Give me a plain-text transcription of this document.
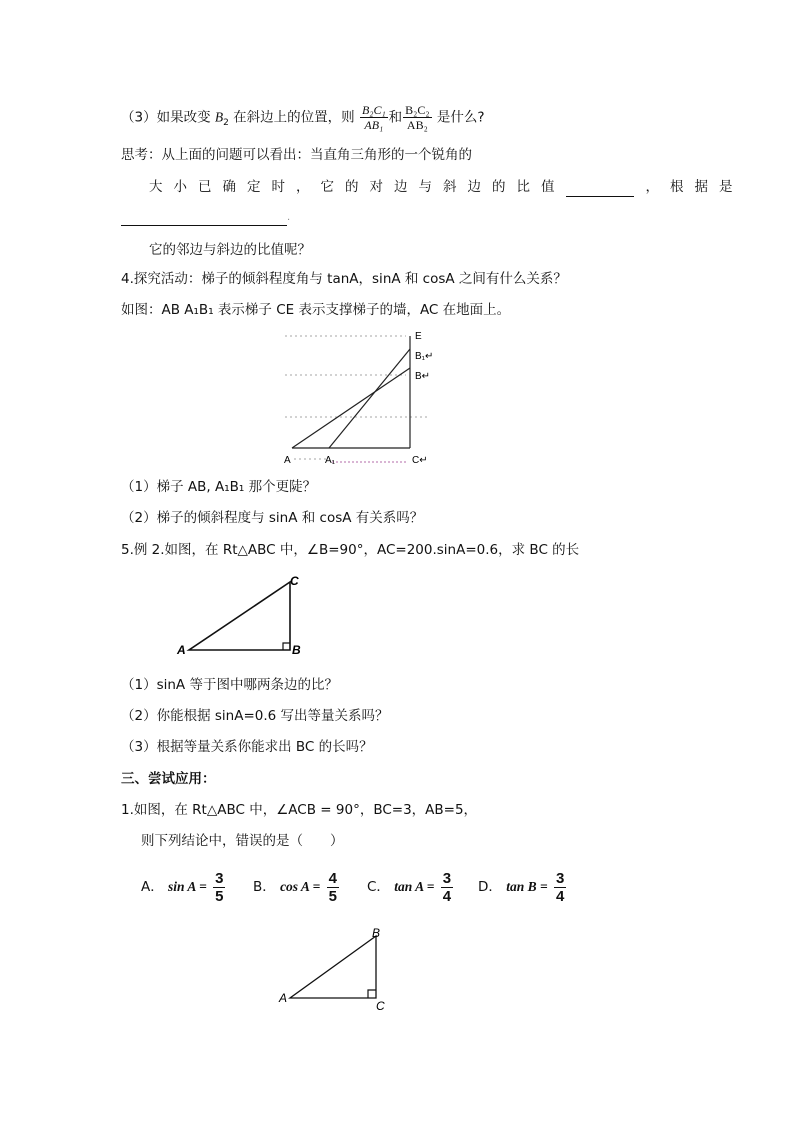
（3）如果改变 $B_2$ 在斜边上的位置，则 $\frac{\text{B₂C₁}}{\text{AB₁}}$ 和 $\frac{\text{B₂C₂}}{\text{AB₂}}$ 是什么?
思考：从上面的问题可以看出：当直角三角形的一个锐角的
大小已确定时，它的对边与斜边的比值	，根据是
.
它的邻边与斜边的比值呢？
4.探究活动：梯子的倾斜程度角与 tanA，sinA 和 cosA 之间有什么关系？
如图：AB A₁B₁ 表示梯子 CE 表示支撑梯子的墙，AC 在地面上。
E
B₁↵
B↵
A	A₁	C↵
（1）梯子 AB, A₁B₁ 那个更陡？
（2）梯子的倾斜程度与 sinA 和 cosA 有关系吗？
5.例 2.如图，在 Rt△ABC 中，∠B=90°，AC=200.sinA=0.6，求 BC 的长
A	B
C
（1）sinA 等于图中哪两条边的比？
（2）你能根据 sinA=0.6 写出等量关系吗？
（3）根据等量关系你能求出 BC 的长吗？
三、尝试应用：
1.如图，在 Rt△ABC 中，∠ACB = 90°，BC=3，AB=5，
则下列结论中，错误的是（　　）
A． $\sin A = \frac{3}{5}$ B． $\cos A = \frac{4}{5}$ C． $\tan A = \frac{3}{4}$ D． $\tan B = \frac{3}{4}$
A
B
C
